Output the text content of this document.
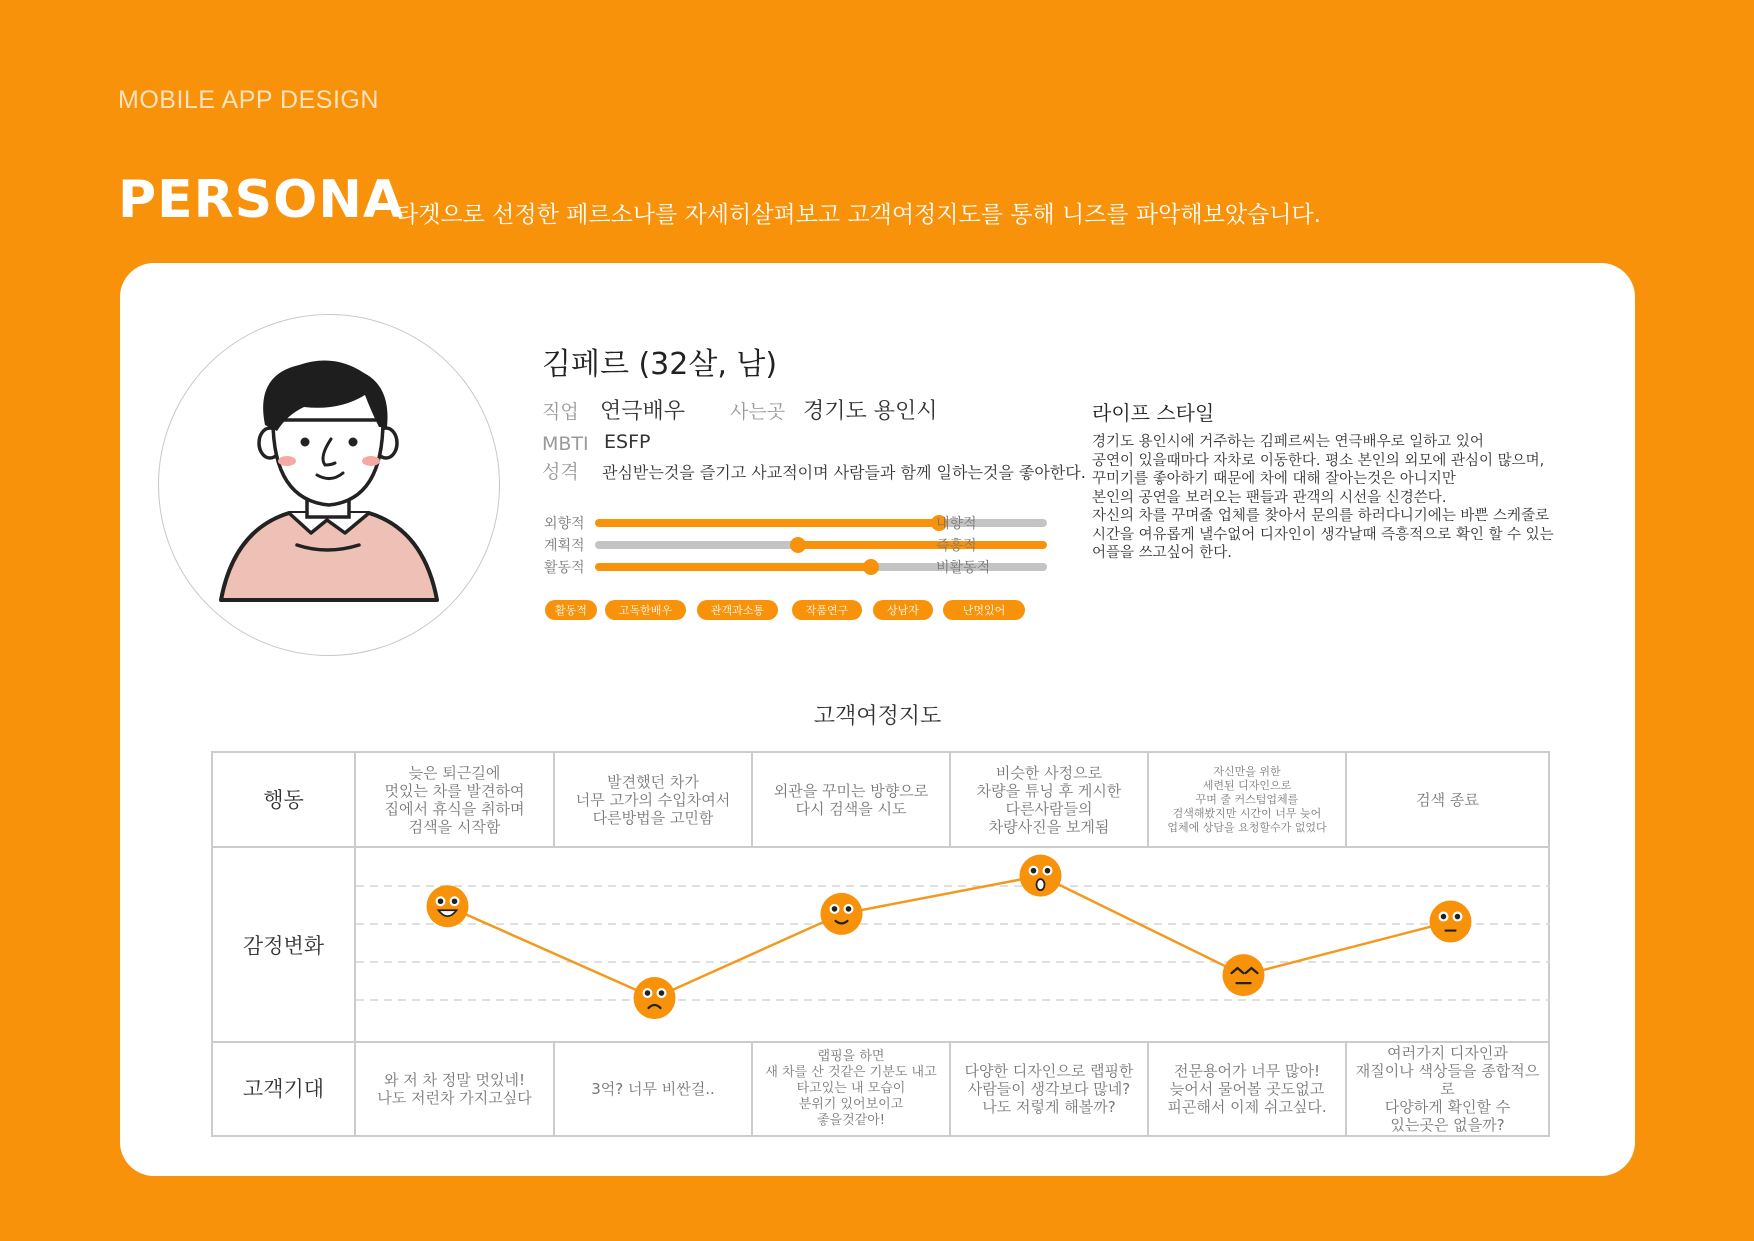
MOBILE APP DESIGN
PERSONA
타겟으로 선정한 페르소나를 자세히살펴보고 고객여정지도를 통해 니즈를 파악해보았습니다.
김페르 (32살, 남)
직업 연극배우 사는곳 경기도 용인시
MBTI ESFP
성격 관심받는것을 즐기고 사교적이며 사람들과 함께 일하는것을 좋아한다.
외향적	내향적
계획적	즉흥적
활동적	비활동적
활동적	고독한배우	관객과소통	작품연구	상남자	난멋있어
라이프 스타일
경기도 용인시에 거주하는 김페르씨는 연극배우로 일하고 있어
공연이 있을때마다 자차로 이동한다. 평소 본인의 외모에 관심이 많으며,
꾸미기를 좋아하기 때문에 차에 대해 잘아는것은 아니지만
본인의 공연을 보러오는 팬들과 관객의 시선을 신경쓴다.
자신의 차를 꾸며줄 업체를 찾아서 문의를 하러다니기에는 바쁜 스케줄로
시간을 여유롭게 낼수없어 디자인이 생각날때 즉흥적으로 확인 할 수 있는
어플을 쓰고싶어 한다.
고객여정지도
행동	늦은 퇴근길에
멋있는 차를 발견하여
집에서 휴식을 취하며
검색을 시작함	발견했던 차가
너무 고가의 수입차여서
다른방법을 고민함	외관을 꾸미는 방향으로
다시 검색을 시도	비슷한 사정으로
차량을 튜닝 후 게시한
다른사람들의
차량사진을 보게됨	자신만을 위한
세련된 디자인으로
꾸며 줄 커스텀업체를
검색해봤지만 시간이 너무 늦어
업체에 상담을 요청할수가 없었다	검색 종료
감정변화	

고객기대	와 저 차 정말 멋있네!
나도 저런차 가지고싶다	3억? 너무 비싼걸..	랩핑을 하면
새 차를 산 것같은 기분도 내고
타고있는 내 모습이
분위기 있어보이고
좋을것같아!	다양한 디자인으로 랩핑한
사람들이 생각보다 많네?
나도 저렇게 해볼까?	전문용어가 너무 많아!
늦어서 물어볼 곳도없고
피곤해서 이제 쉬고싶다.	여러가지 디자인과
재질이나 색상들을 종합적으로
다양하게 확인할 수
있는곳은 없을까?
